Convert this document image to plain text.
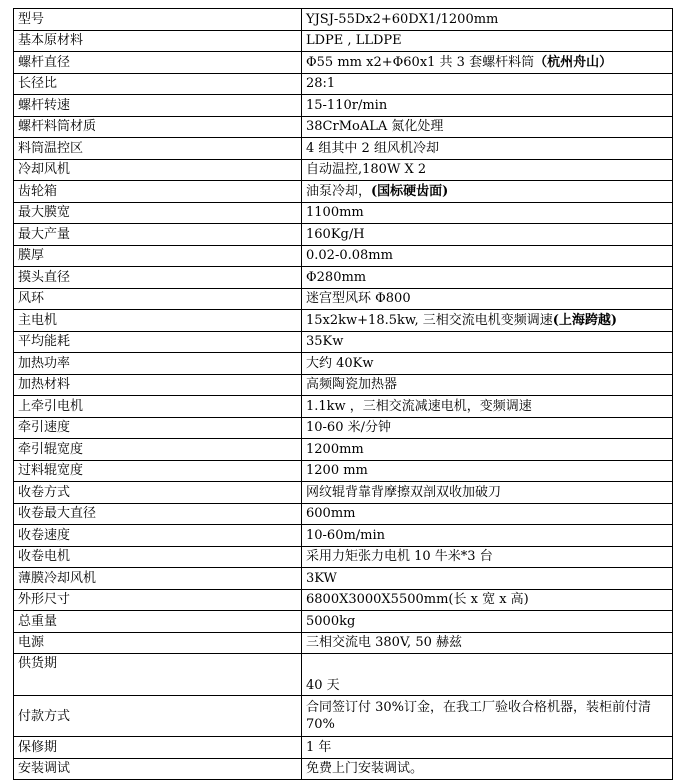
型号	YJSJ-55Dx2+60DX1/1200mm
基本原材料	LDPE , LLDPE
螺杆直径	Φ55 mm x2+Φ60x1 共 3 套螺杆料筒（杭州舟山）
长径比	28:1
螺杆转速	15-110r/min
螺杆料筒材质	38CrMoALA 氮化处理
料筒温控区	4 组其中 2 组风机冷却
冷却风机	自动温控,180W X 2
齿轮箱	油泵冷却，(国标硬齿面)
最大膜宽	1100mm
最大产量	160Kg/H
膜厚	0.02-0.08mm
摸头直径	Φ280mm
风环	迷宫型风环 Φ800
主电机	15x2kw+18.5kw, 三相交流电机变频调速(上海跨越)
平均能耗	35Kw
加热功率	大约 40Kw
加热材料	高频陶瓷加热器
上牵引电机	1.1kw ，三相交流减速电机，变频调速
牵引速度	10-60 米/分钟
牵引辊宽度	1200mm
过料辊宽度	1200 mm
收卷方式	网纹辊背靠背摩擦双剖双收加破刀
收卷最大直径	600mm
收卷速度	10-60m/min
收卷电机	采用力矩张力电机 10 牛米*3 台
薄膜冷却风机	3KW
外形尺寸	6800X3000X5500mm(长 x 宽 x 高)
总重量	5000kg
电源	三相交流电 380V, 50 赫兹
供货期	40 天
付款方式	合同签订付 30%订金，在我工厂验收合格机器，装柜前付清 70%
保修期	1 年
安装调试	免费上门安装调试。
